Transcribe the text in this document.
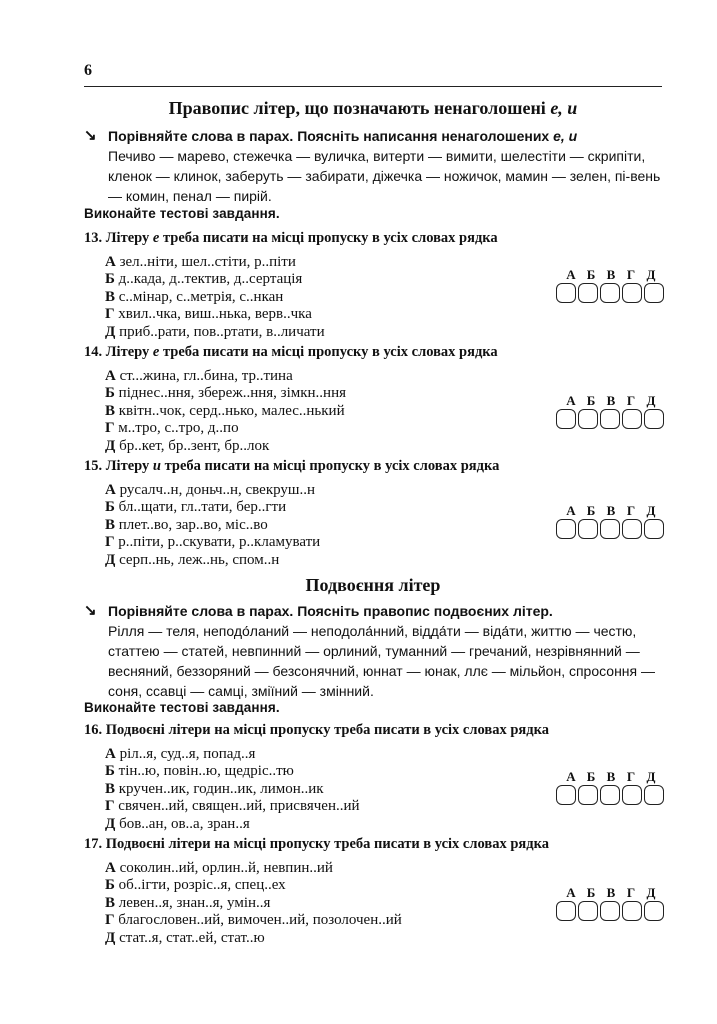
6
Правопис літер, що позначають ненаголошені е, и
↘ Порівняйте слова в парах. Поясніть написання ненаголошених е, и
Печиво — марево, стежечка — вуличка, витерти — вимити, шелестіти — скрипіти, кленок — клинок, заберуть — забирати, діжечка — ножичок, мамин — зелен, пі-вень — комин, пенал — пирій.
Виконайте тестові завдання.
Подвоєння літер
↘ Порівняйте слова в парах. Поясніть правопис подвоєних літер.
Рілля — теля, неподо́ланий — неподола́нний, відда́ти — віда́ти, життю — честю, статтею — статей, невпинний — орлиний, туманний — гречаний, незрівнянний — весняний, беззоряний — безсонячний, юннат — юнак, ллє — мільйон, спросоння — соня, ссавці — самці, зміїний — змінний.
Виконайте тестові завдання.
13. Літеру е треба писати на місці пропуску в усіх словах рядка
А зел..ніти, шел..стіти, р..піти
Б д..када, д..тектив, д..сертація
В с..мінар, с..метрія, с..нкан
Г хвил..чка, виш..нька, верв..чка
Д приб..рати, пов..ртати, в..личати
А Б В Г Д
14. Літеру е треба писати на місці пропуску в усіх словах рядка
А ст...жина, гл..бина, тр..тина
Б піднес..ння, збереж..ння, зімкн..ння
В квітн..чок, серд..нько, малес..нький
Г м..тро, с..тро, д..по
Д бр..кет, бр..зент, бр..лок
А Б В Г Д
15. Літеру и треба писати на місці пропуску в усіх словах рядка
А русалч..н, доньч..н, свекруш..н
Б бл..щати, гл..тати, бер..гти
В плет..во, зар..во, міс..во
Г р..піти, р..скувати, р..кламувати
Д серп..нь, леж..нь, спом..н
А Б В Г Д
16. Подвоєні літери на місці пропуску треба писати в усіх словах рядка
А ріл..я, суд..я, попад..я
Б тін..ю, повін..ю, щедріс..тю
В кручен..ик, годин..ик, лимон..ик
Г свячен..ий, священ..ий, присвячен..ий
Д бов..ан, ов..а, зран..я
А Б В Г Д
17. Подвоєні літери на місці пропуску треба писати в усіх словах рядка
А соколин..ий, орлин..й, невпин..ий
Б об..ігти, розріс..я, спец..ех
В левен..я, знан..я, умін..я
Г благословен..ий, вимочен..ий, позолочен..ий
Д стат..я, стат..ей, стат..ю
А Б В Г Д
